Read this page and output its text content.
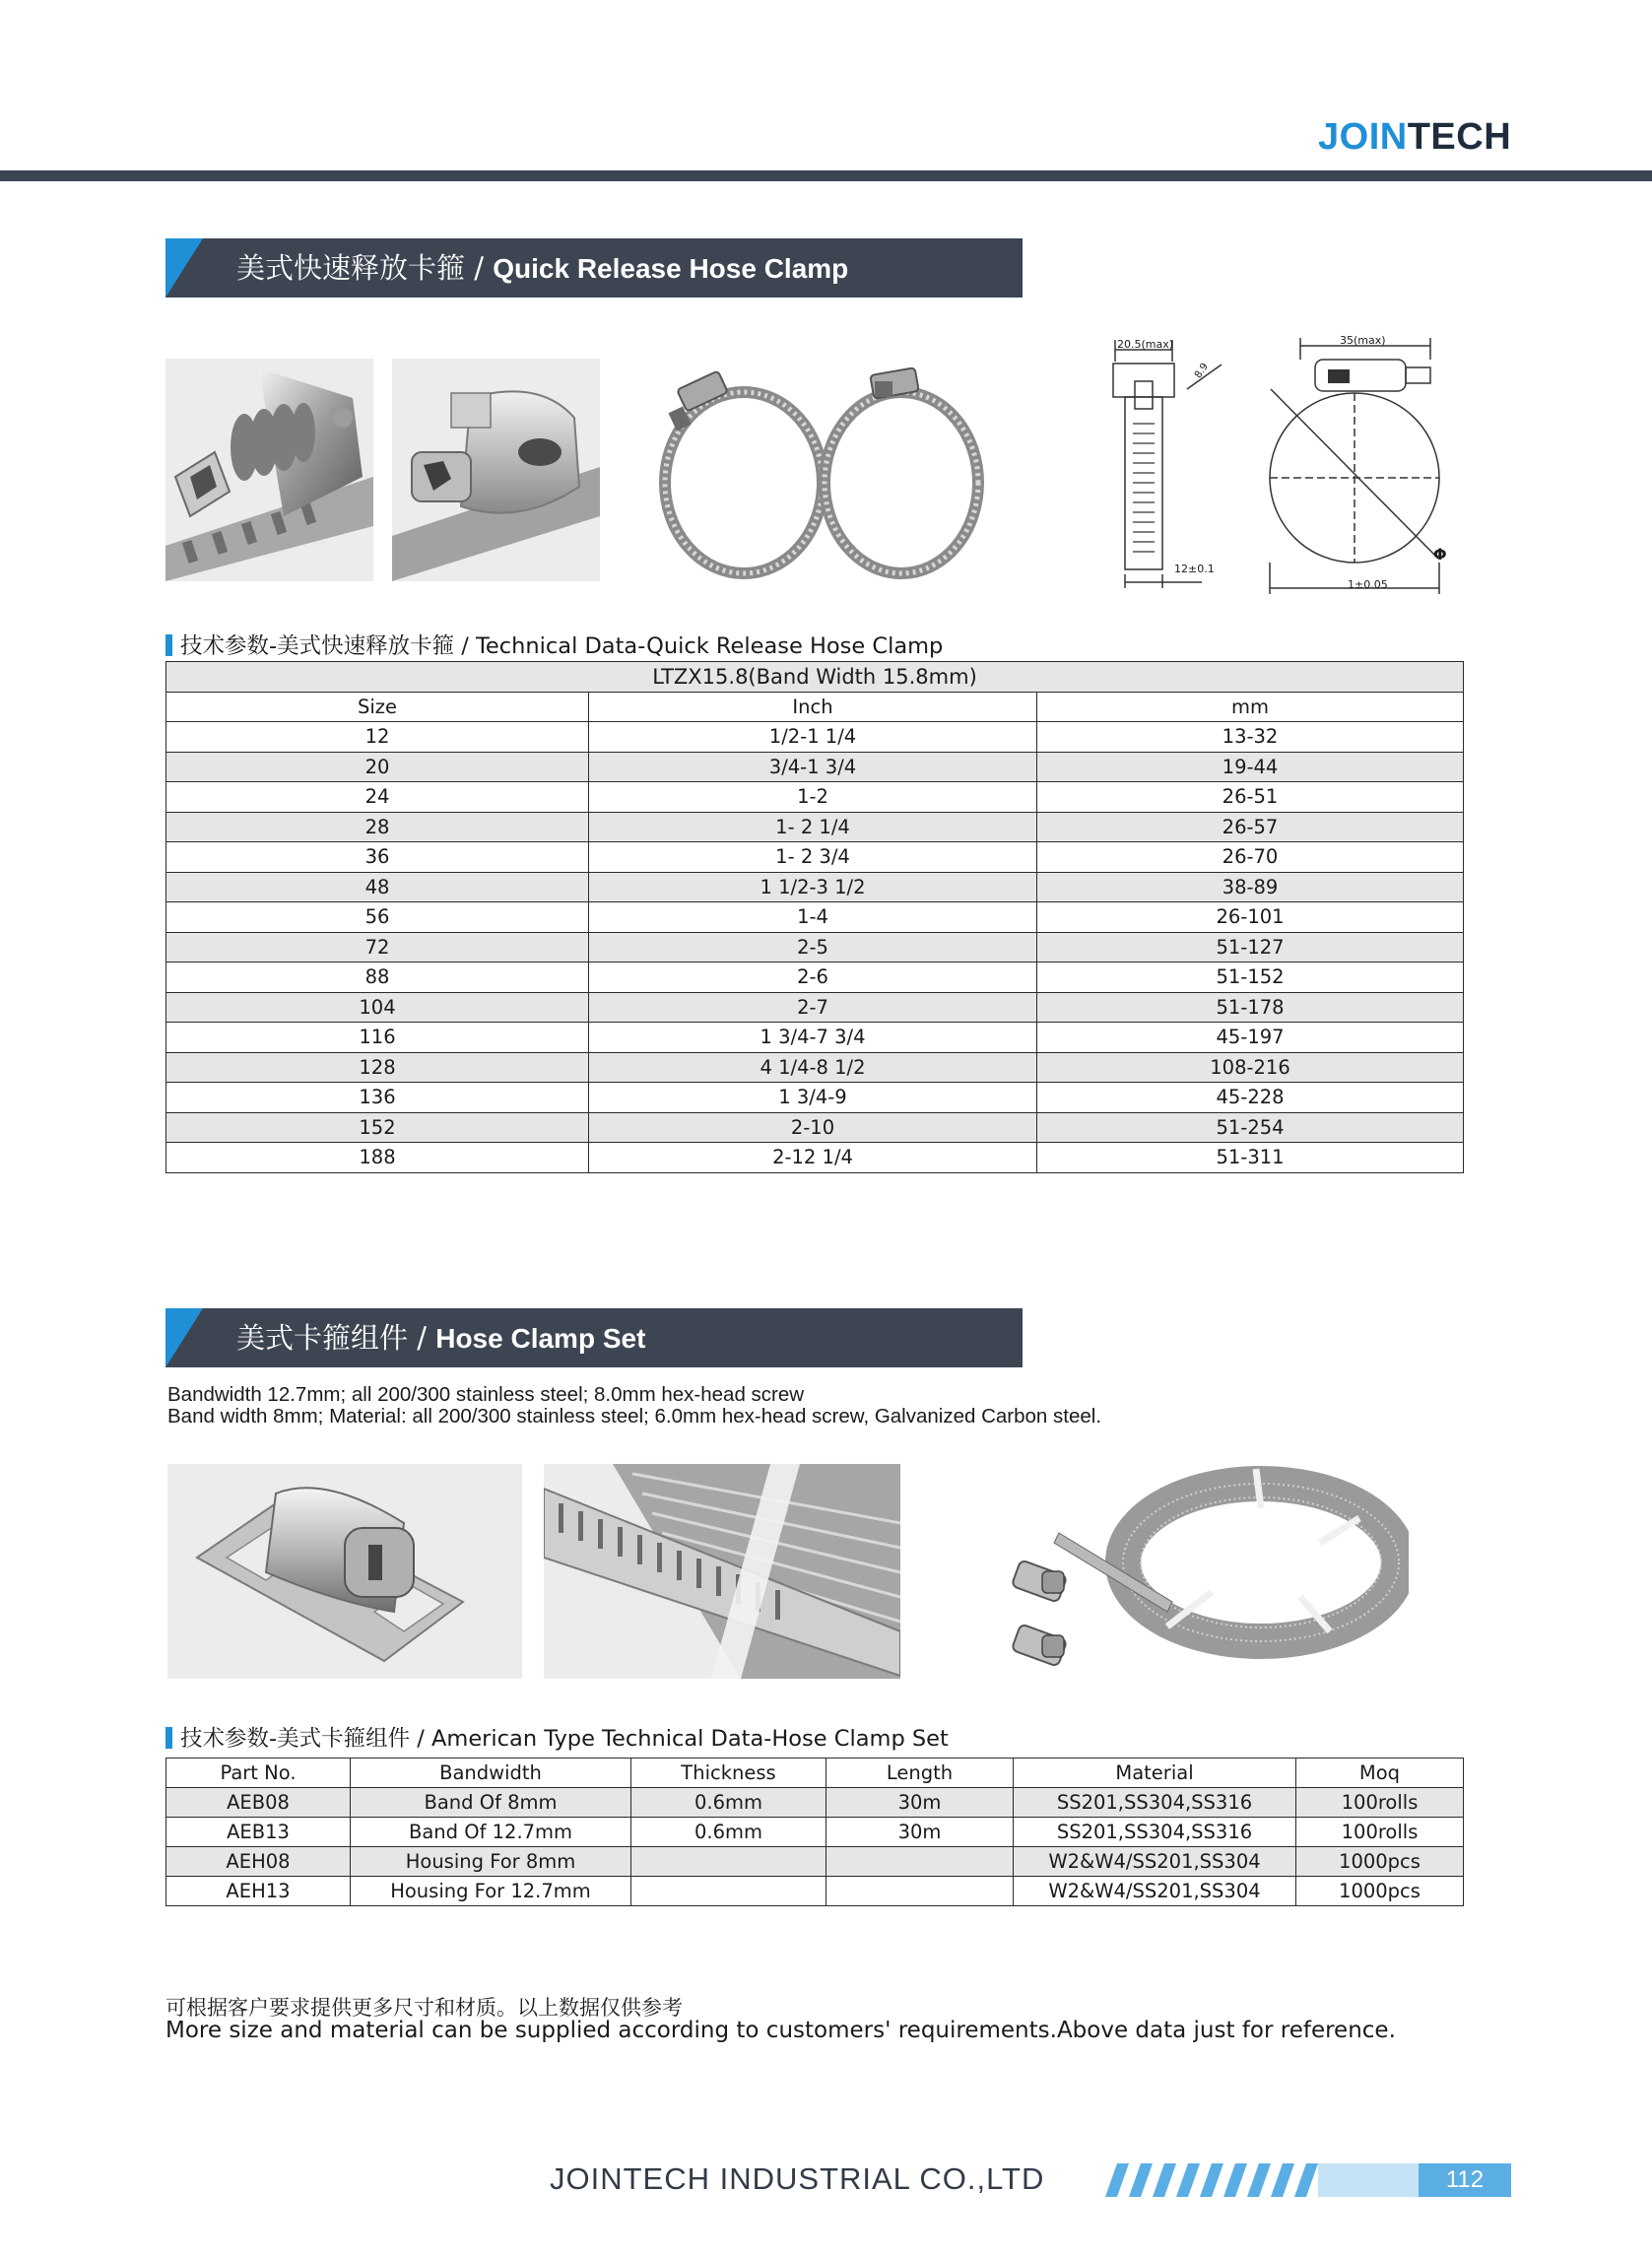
JOINTECH
美式快速释放卡箍 / Quick Release Hose Clamp
20.5(max)	35(max)
8.9
12±0.1
1±0.05
Φ
技术参数-美式快速释放卡箍 / Technical Data-Quick Release Hose Clamp
LTZX15.8(Band Width 15.8mm)		
Size	Inch	mm
12	1/2-1 1/4	13-32
20	3/4-1 3/4	19-44
24	1-2	26-51
28	1- 2 1/4	26-57
36	1- 2 3/4	26-70
48	1 1/2-3 1/2	38-89
56	1-4	26-101
72	2-5	51-127
88	2-6	51-152
104	2-7	51-178
116	1 3/4-7 3/4	45-197
128	4 1/4-8 1/2	108-216
136	1 3/4-9	45-228
152	2-10	51-254
188	2-12 1/4	51-311
美式卡箍组件 / Hose Clamp Set
Bandwidth 12.7mm; all 200/300 stainless steel; 8.0mm hex-head screw
Band width 8mm; Material: all 200/300 stainless steel; 6.0mm hex-head screw, Galvanized Carbon steel.
技术参数-美式卡箍组件 / American Type Technical Data-Hose Clamp Set
Part No.	Bandwidth	Thickness	Length	Material	Moq
AEB08	Band Of 8mm	0.6mm	30m	SS201,SS304,SS316	100rolls
AEB13	Band Of 12.7mm	0.6mm	30m	SS201,SS304,SS316	100rolls
AEH08	Housing For 8mm			W2&W4/SS201,SS304	1000pcs
AEH13	Housing For 12.7mm			W2&W4/SS201,SS304	1000pcs
可根据客户要求提供更多尺寸和材质。以上数据仅供参考
More size and material can be supplied according to customers' requirements.Above data just for reference.
JOINTECH INDUSTRIAL CO.,LTD	112
